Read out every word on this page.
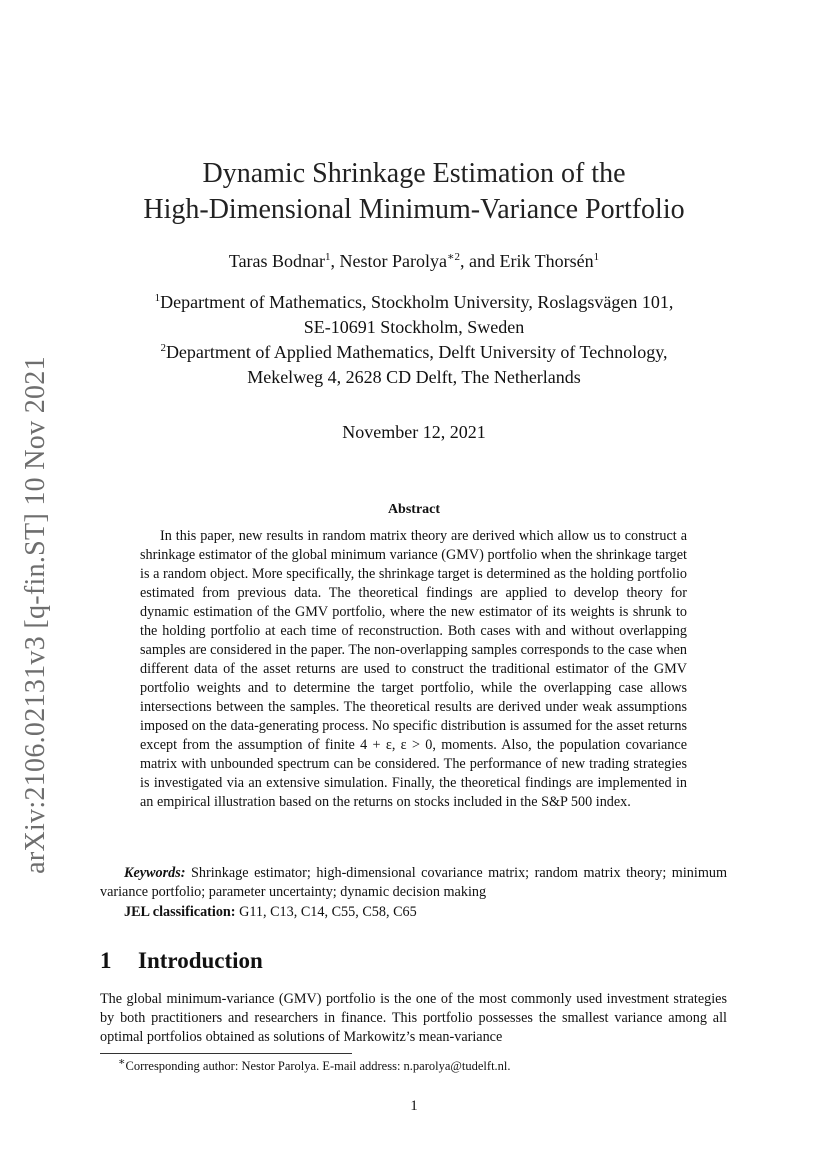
arXiv:2106.02131v3 [q-fin.ST] 10 Nov 2021
Dynamic Shrinkage Estimation of the
High-Dimensional Minimum-Variance Portfolio
Taras Bodnar$^1$, Nestor Parolya$^{∗2}$, and Erik Thorsén$^1$
$^1$Department of Mathematics, Stockholm University, Roslagsvägen 101,
SE-10691 Stockholm, Sweden
$^2$Department of Applied Mathematics, Delft University of Technology,
Mekelweg 4, 2628 CD Delft, The Netherlands
November 12, 2021
Abstract
In this paper, new results in random matrix theory are derived which allow us to construct a shrinkage estimator of the global minimum variance (GMV) portfolio when the shrinkage target is a random object. More specifically, the shrinkage target is determined as the holding portfolio estimated from previous data. The theoretical findings are applied to develop theory for dynamic estimation of the GMV portfolio, where the new estimator of its weights is shrunk to the holding portfolio at each time of reconstruction. Both cases with and without overlapping samples are considered in the paper. The non-overlapping samples corresponds to the case when different data of the asset returns are used to construct the traditional estimator of the GMV portfolio weights and to determine the target portfolio, while the overlapping case allows intersections between the samples. The theoretical results are derived under weak assumptions imposed on the data-generating process. No specific distribution is assumed for the asset returns except from the assumption of finite 4 + ε, ε > 0, moments. Also, the population covariance matrix with unbounded spectrum can be considered. The performance of new trading strategies is investigated via an extensive simulation. Finally, the theoretical findings are implemented in an empirical illustration based on the returns on stocks included in the S&P 500 index.
Keywords: Shrinkage estimator; high-dimensional covariance matrix; random matrix theory; minimum variance portfolio; parameter uncertainty; dynamic decision making
JEL classification: G11, C13, C14, C55, C58, C65
1 Introduction
The global minimum-variance (GMV) portfolio is the one of the most commonly used investment strategies by both practitioners and researchers in finance. This portfolio possesses the smallest variance among all optimal portfolios obtained as solutions of Markowitz’s mean-variance
∗Corresponding author: Nestor Parolya. E-mail address: n.parolya@tudelft.nl.
1
